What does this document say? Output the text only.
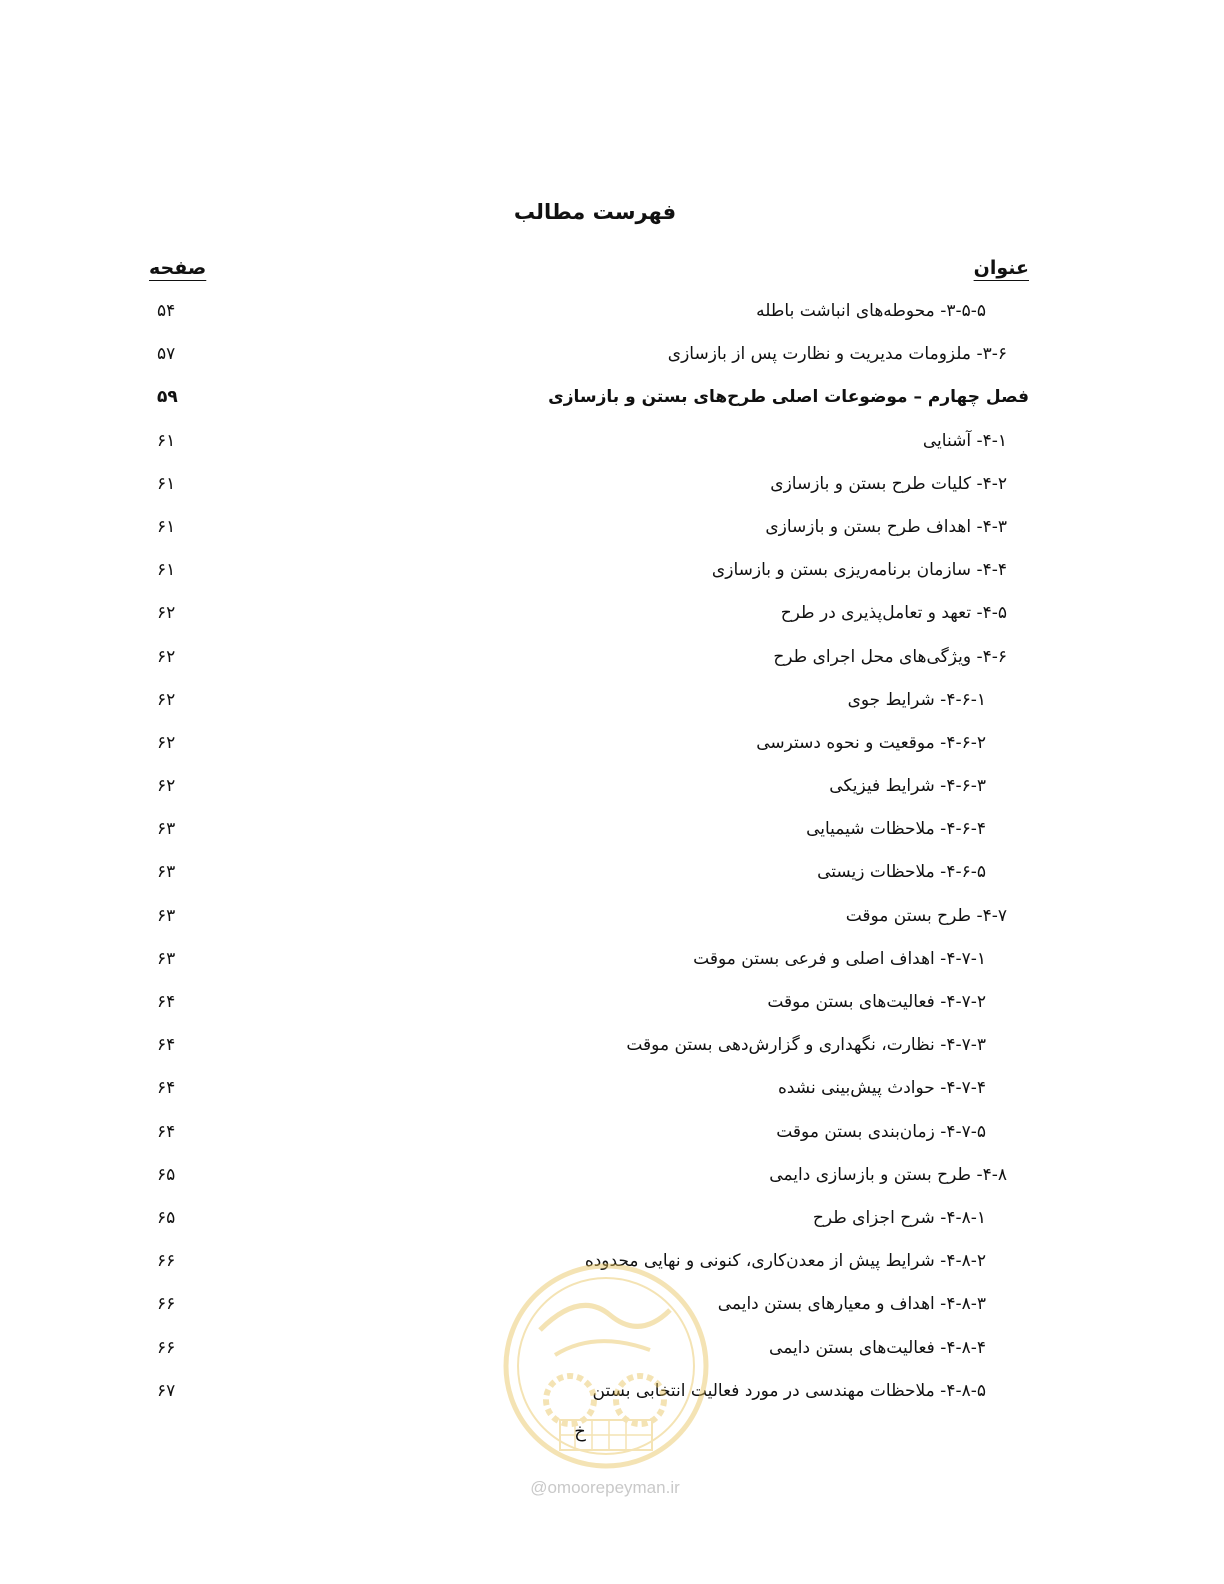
فهرست مطالب
عنوان
صفحه
۳-۵-۵- محوطه‌های انباشت باطله
۵۴
۳-۶- ملزومات مدیریت و نظارت پس از بازسازی
۵۷
فصل چهارم – موضوعات اصلی طرح‌های بستن و بازسازی
۵۹
۴-۱- آشنایی
۶۱
۴-۲- کلیات طرح بستن و بازسازی
۶۱
۴-۳- اهداف طرح بستن و بازسازی
۶۱
۴-۴- سازمان برنامه‌ریزی بستن و بازسازی
۶۱
۴-۵- تعهد و تعامل‌پذیری در طرح
۶۲
۴-۶- ویژگی‌های محل اجرای طرح
۶۲
۴-۶-۱- شرایط جوی
۶۲
۴-۶-۲- موقعیت و نحوه دسترسی
۶۲
۴-۶-۳- شرایط فیزیکی
۶۲
۴-۶-۴- ملاحظات شیمیایی
۶۳
۴-۶-۵- ملاحظات زیستی
۶۳
۴-۷- طرح بستن موقت
۶۳
۴-۷-۱- اهداف اصلی و فرعی بستن موقت
۶۳
۴-۷-۲- فعالیت‌های بستن موقت
۶۴
۴-۷-۳- نظارت، نگهداری و گزارش‌دهی بستن موقت
۶۴
۴-۷-۴- حوادث پیش‌بینی نشده
۶۴
۴-۷-۵- زمان‌بندی بستن موقت
۶۴
۴-۸- طرح بستن و بازسازی دایمی
۶۵
۴-۸-۱- شرح اجزای طرح
۶۵
۴-۸-۲- شرایط پیش از معدن‌کاری، کنونی و نهایی محدوده
۶۶
۴-۸-۳- اهداف و معیارهای بستن دایمی
۶۶
۴-۸-۴- فعالیت‌های بستن دایمی
۶۶
۴-۸-۵- ملاحظات مهندسی در مورد فعالیت انتخابی بستن
۶۷
خ
@omoorepeyman.ir
